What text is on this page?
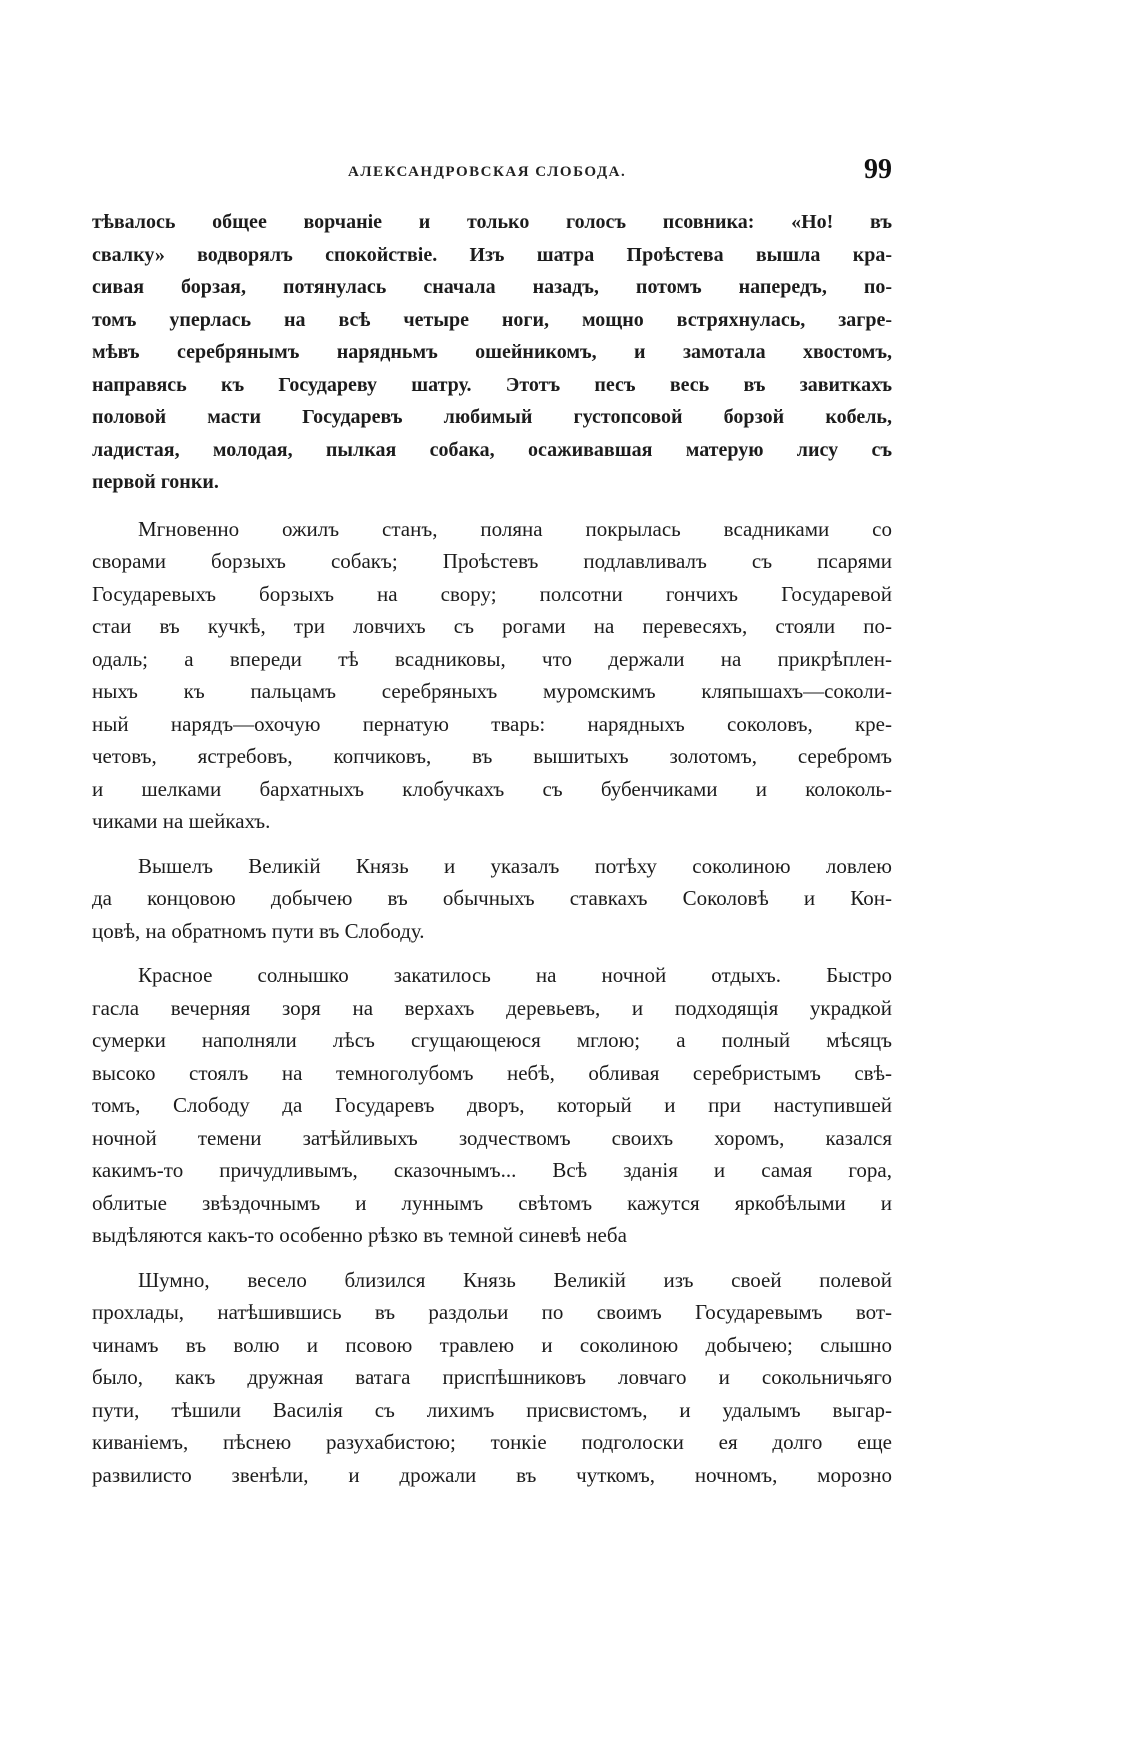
АЛЕКСАНДРОВСКАЯ СЛОБОДА.	99
тѣвалось общее ворчаніе и только голосъ псовника: «Но! въ
свалку» водворялъ спокойствіе. Изъ шатра Проѣстева вышла кра-
сивая борзая, потянулась сначала назадъ, потомъ напередъ, по-
томъ уперлась на всѣ четыре ноги, мощно встряхнулась, загре-
мѣвъ серебрянымъ нарядньмъ ошейникомъ, и замотала хвостомъ,
направясь къ Государеву шатру. Этотъ песъ весь въ завиткахъ
половой масти Государевъ любимый густопсовой борзой кобель,
ладистая, молодая, пылкая собака, осаживавшая матерую лису съ
первой гонки.
Мгновенно ожилъ станъ, поляна покрылась всадниками со
сворами борзыхъ собакъ; Проѣстевъ подлавливалъ съ псарями
Государевыхъ борзыхъ на свору; полсотни гончихъ Государевой
стаи въ кучкѣ, три ловчихъ съ рогами на перевесяхъ, стояли по-
одаль; а впереди тѣ всадниковы, что держали на прикрѣплен-
ныхъ къ пальцамъ серебряныхъ муромскимъ кляпышахъ—соколи-
ный нарядъ—охочую пернатую тварь: нарядныхъ соколовъ, кре-
четовъ, ястребовъ, копчиковъ, въ вышитыхъ золотомъ, серебромъ
и шелками бархатныхъ клобучкахъ съ бубенчиками и колоколь-
чиками на шейкахъ.
Вышелъ Великій Князь и указалъ потѣху соколиною ловлею
да концовою добычею въ обычныхъ ставкахъ Соколовѣ и Кон-
цовѣ, на обратномъ пути въ Слободу.
Красное солнышко закатилось на ночной отдыхъ. Быстро
гасла вечерняя зоря на верхахъ деревьевъ, и подходящія украдкой
сумерки наполняли лѣсъ сгущающеюся мглою; а полный мѣсяцъ
высоко стоялъ на темноголубомъ небѣ, обливая серебристымъ свѣ-
томъ, Слободу да Государевъ дворъ, который и при наступившей
ночной темени затѣйливыхъ зодчествомъ своихъ хоромъ, казался
какимъ-то причудливымъ, сказочнымъ... Всѣ зданія и самая гора,
облитые звѣздочнымъ и луннымъ свѣтомъ кажутся яркобѣлыми и
выдѣляются какъ-то особенно рѣзко въ темной синевѣ неба
Шумно, весело близился Князь Великій изъ своей полевой
прохлады, натѣшившись въ раздольи по своимъ Государевымъ вот-
чинамъ въ волю и псовою травлею и соколиною добычею; слышно
было, какъ дружная ватага приспѣшниковъ ловчаго и сокольничьяго
пути, тѣшили Василія съ лихимъ присвистомъ, и удалымъ выгар-
киваніемъ, пѣснею разухабистою; тонкіе подголоски ея долго еще
развилисто звенѣли, и дрожали въ чуткомъ, ночномъ, морозно
